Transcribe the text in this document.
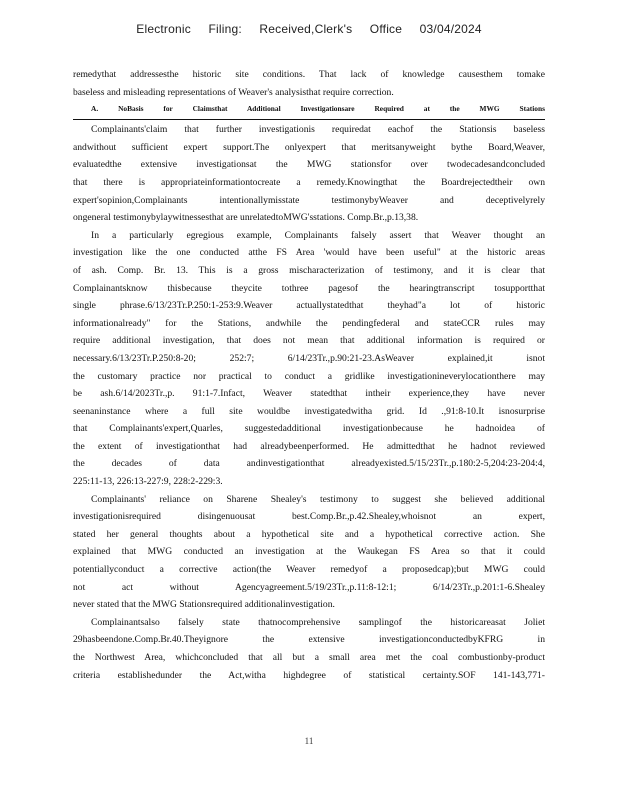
Electronic Filing: Received,Clerk's Office 03/04/2024
remedythat addressesthe historic site conditions. That lack of knowledge causesthem tomake
baseless and misleading representations of Weaver's analysisthat require correction.
A. NoBasis for Claimsthat Additional Investigationsare Required at the MWG Stations
Complainants'claim that further investigationis requiredat eachof the Stationsis baseless
andwithout sufficient expert support.The onlyexpert that meritsanyweight bythe Board,Weaver,
evaluatedthe extensive investigationsat the MWG stationsfor over twodecadesandconcluded
that there is appropriateinformationtocreate a remedy.Knowingthat the Boardrejectedtheir own
expert'sopinion,Complainants intentionallymisstate testimonybyWeaver and deceptivelyrely
ongeneral testimonybylaywitnessesthat are unrelatedtoMWG'sstations. Comp.Br.,p.13,38.
In a particularly egregious example, Complainants falsely assert that Weaver thought an
investigation like the one conducted atthe FS Area 'would have been useful" at the historic areas
of ash. Comp. Br. 13. This is a gross mischaracterization of testimony, and it is clear that
Complainantsknow thisbecause theycite tothree pagesof the hearingtranscript tosupportthat
single phrase.6/13/23Tr.P.250:1-253:9.Weaver actuallystatedthat theyhad"a lot of historic
informationalready" for the Stations, andwhile the pendingfederal and stateCCR rules may
require additional investigation, that does not mean that additional information is required or
necessary.6/13/23Tr.P.250:8-20; 252:7; 6/14/23Tr.,p.90:21-23.AsWeaver explained,it isnot
the customary practice nor practical to conduct a gridlike investigationineverylocationthere may
be ash.6/14/2023Tr.,p. 91:1-7.Infact, Weaver statedthat intheir experience,they have never
seenaninstance where a full site wouldbe investigatedwitha grid. Id .,91:8-10.It isnosurprise
that Complainants'expert,Quarles, suggestedadditional investigationbecause he hadnoidea of
the extent of investigationthat had alreadybeenperformed. He admittedthat he hadnot reviewed
the decades of data andinvestigationthat alreadyexisted.5/15/23Tr.,p.180:2-5,204:23-204:4,
225:11-13, 226:13-227:9, 228:2-229:3.
Complainants' reliance on Sharene Shealey's testimony to suggest she believed additional
investigationisrequired disingenuousat best.Comp.Br.,p.42.Shealey,whoisnot an expert,
stated her general thoughts about a hypothetical site and a hypothetical corrective action. She
explained that MWG conducted an investigation at the Waukegan FS Area so that it could
potentiallyconduct a corrective action(the Weaver remedyof a proposedcap);but MWG could
not act without Agencyagreement.5/19/23Tr.,p.11:8-12:1; 6/14/23Tr.,p.201:1-6.Shealey
never stated that the MWG Stationsrequired additionalinvestigation.
Complainantsalso falsely state thatnocomprehensive samplingof the historicareasat Joliet
29hasbeendone.Comp.Br.40.Theyignore the extensive investigationconductedbyKFRG in
the Northwest Area, whichconcluded that all but a small area met the coal combustionby-product
criteria establishedunder the Act,witha highdegree of statistical certainty.SOF 141-143,771-
11
